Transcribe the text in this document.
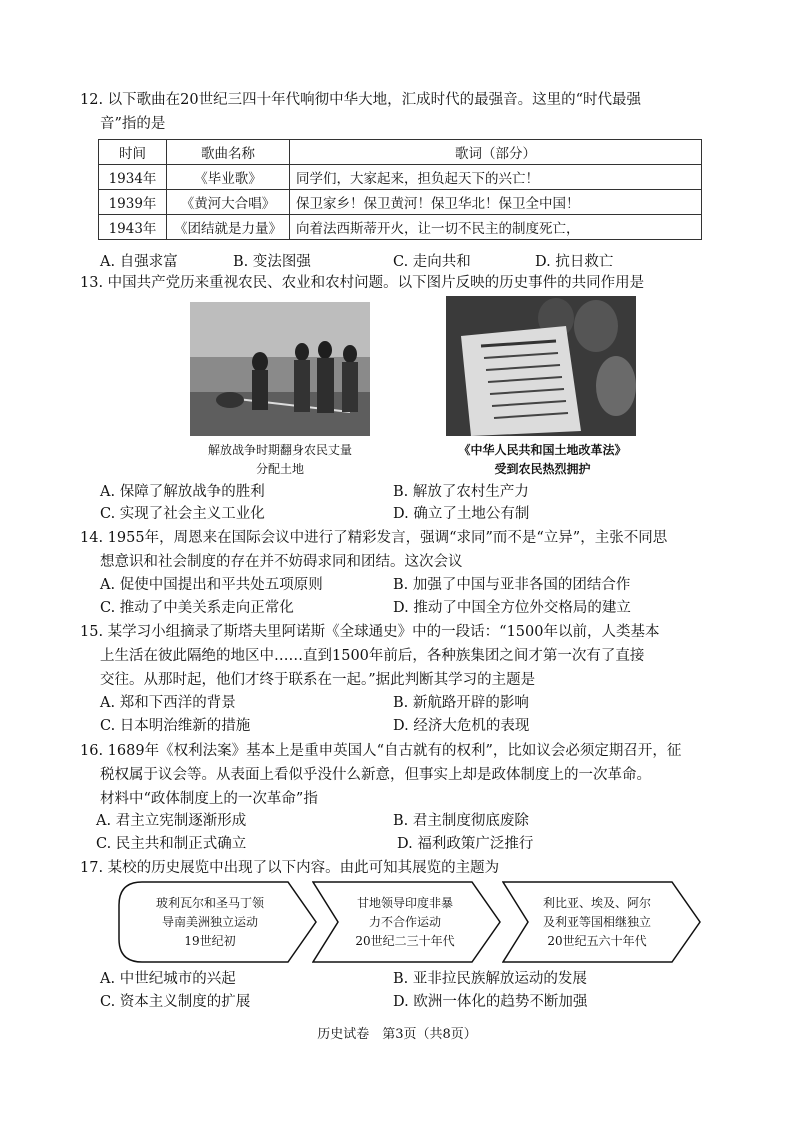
12. 以下歌曲在20世纪三四十年代响彻中华大地，汇成时代的最强音。这里的“时代最强

音”指的是

时间	歌曲名称	歌词（部分）
1934年	《毕业歌》	同学们，大家起来，担负起天下的兴亡！
1939年	《黄河大合唱》	保卫家乡！保卫黄河！保卫华北！保卫全中国！
1943年	《团结就是力量》	向着法西斯蒂开火，让一切不民主的制度死亡，
A. 自强求富	B. 变法图强	C. 走向共和	D. 抗日救亡

13. 中国共产党历来重视农民、农业和农村问题。以下图片反映的历史事件的共同作用是

解放战争时期翻身农民丈量
分配土地
《中华人民共和国土地改革法》
受到农民热烈拥护
A. 保障了解放战争的胜利	B. 解放了农村生产力
C. 实现了社会主义工业化	D. 确立了土地公有制

14. 1955年，周恩来在国际会议中进行了精彩发言，强调“求同”而不是“立异”，主张不同思

想意识和社会制度的存在并不妨碍求同和团结。这次会议

A. 促使中国提出和平共处五项原则	B. 加强了中国与亚非各国的团结合作
C. 推动了中美关系走向正常化	D. 推动了中国全方位外交格局的建立

15. 某学习小组摘录了斯塔夫里阿诺斯《全球通史》中的一段话：“1500年以前，人类基本

上生活在彼此隔绝的地区中……直到1500年前后，各种族集团之间才第一次有了直接

交往。从那时起，他们才终于联系在一起。”据此判断其学习的主题是

A. 郑和下西洋的背景	B. 新航路开辟的影响
C. 日本明治维新的措施	D. 经济大危机的表现

16. 1689年《权利法案》基本上是重申英国人“自古就有的权利”，比如议会必须定期召开，征

税权属于议会等。从表面上看似乎没什么新意，但事实上却是政体制度上的一次革命。

材料中“政体制度上的一次革命”指

A. 君主立宪制逐渐形成	B. 君主制度彻底废除
C. 民主共和制正式确立	D. 福利政策广泛推行

17. 某校的历史展览中出现了以下内容。由此可知其展览的主题为

玻利瓦尔和圣马丁领
导南美洲独立运动
19世纪初
甘地领导印度非暴
力不合作运动
20世纪二三十年代
利比亚、埃及、阿尔
及利亚等国相继独立
20世纪五六十年代
A. 中世纪城市的兴起	B. 亚非拉民族解放运动的发展
C. 资本主义制度的扩展	D. 欧洲一体化的趋势不断加强
历史试卷　第3页（共8页）
